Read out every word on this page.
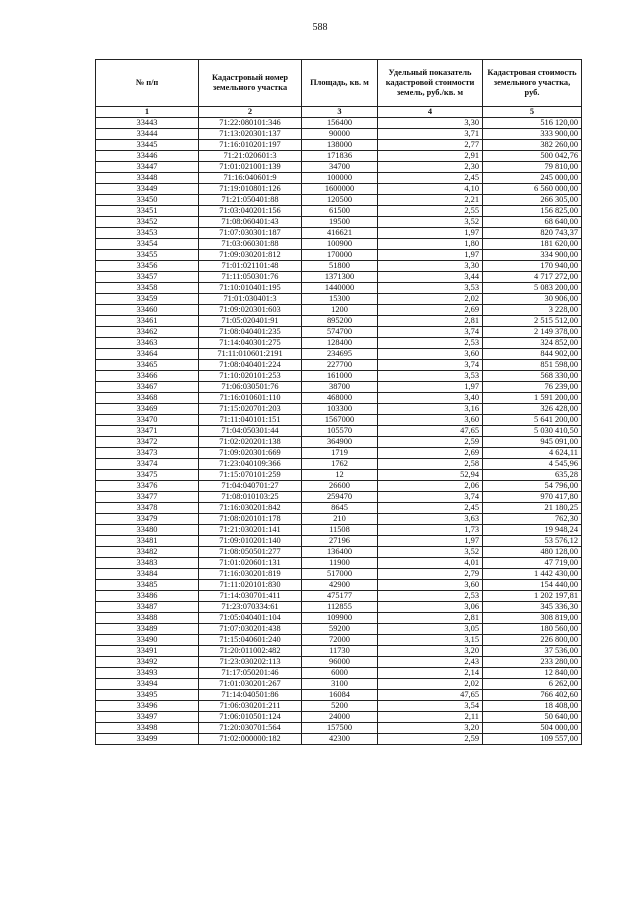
588
№ п/п	Кадастровый номер земельного участка	Площадь, кв. м	Удельный показатель кадастровой стоимости земель, руб./кв. м	Кадастровая стоимость земельного участка, руб.
1	2	3	4	5
33443	71:22:080101:346	156400	3,30	516 120,00
33444	71:13:020301:137	90000	3,71	333 900,00
33445	71:16:010201:197	138000	2,77	382 260,00
33446	71:21:020601:3	171836	2,91	500 042,76
33447	71:01:021001:139	34700	2,30	79 810,00
33448	71:16:040601:9	100000	2,45	245 000,00
33449	71:19:010801:126	1600000	4,10	6 560 000,00
33450	71:21:050401:88	120500	2,21	266 305,00
33451	71:03:040201:156	61500	2,55	156 825,00
33452	71:08:060401:43	19500	3,52	68 640,00
33453	71:07:030301:187	416621	1,97	820 743,37
33454	71:03:060301:88	100900	1,80	181 620,00
33455	71:09:030201:812	170000	1,97	334 900,00
33456	71:01:021101:48	51800	3,30	170 940,00
33457	71:11:050301:76	1371300	3,44	4 717 272,00
33458	71:10:010401:195	1440000	3,53	5 083 200,00
33459	71:01:030401:3	15300	2,02	30 906,00
33460	71:09:020301:603	1200	2,69	3 228,00
33461	71:05:020401:91	895200	2,81	2 515 512,00
33462	71:08:040401:235	574700	3,74	2 149 378,00
33463	71:14:040301:275	128400	2,53	324 852,00
33464	71:11:010601:2191	234695	3,60	844 902,00
33465	71:08:040401:224	227700	3,74	851 598,00
33466	71:10:020101:253	161000	3,53	568 330,00
33467	71:06:030501:76	38700	1,97	76 239,00
33468	71:16:010601:110	468000	3,40	1 591 200,00
33469	71:15:020701:203	103300	3,16	326 428,00
33470	71:11:040101:151	1567000	3,60	5 641 200,00
33471	71:04:050301:44	105570	47,65	5 030 410,50
33472	71:02:020201:138	364900	2,59	945 091,00
33473	71:09:020301:669	1719	2,69	4 624,11
33474	71:23:040109:366	1762	2,58	4 545,96
33475	71:15:070101:259	12	52,94	635,28
33476	71:04:040701:27	26600	2,06	54 796,00
33477	71:08:010103:25	259470	3,74	970 417,80
33478	71:16:030201:842	8645	2,45	21 180,25
33479	71:08:020101:178	210	3,63	762,30
33480	71:21:030201:141	11508	1,73	19 948,24
33481	71:09:010201:140	27196	1,97	53 576,12
33482	71:08:050501:277	136400	3,52	480 128,00
33483	71:01:020601:131	11900	4,01	47 719,00
33484	71:16:030201:819	517000	2,79	1 442 430,00
33485	71:11:020101:830	42900	3,60	154 440,00
33486	71:14:030701:411	475177	2,53	1 202 197,81
33487	71:23:070334:61	112855	3,06	345 336,30
33488	71:05:040401:104	109900	2,81	308 819,00
33489	71:07:030201:438	59200	3,05	180 560,00
33490	71:15:040601:240	72000	3,15	226 800,00
33491	71:20:011002:482	11730	3,20	37 536,00
33492	71:23:030202:113	96000	2,43	233 280,00
33493	71:17:050201:46	6000	2,14	12 840,00
33494	71:01:030201:267	3100	2,02	6 262,00
33495	71:14:040501:86	16084	47,65	766 402,60
33496	71:06:030201:211	5200	3,54	18 408,00
33497	71:06:010501:124	24000	2,11	50 640,00
33498	71:20:030701:564	157500	3,20	504 000,00
33499	71:02:000000:182	42300	2,59	109 557,00
